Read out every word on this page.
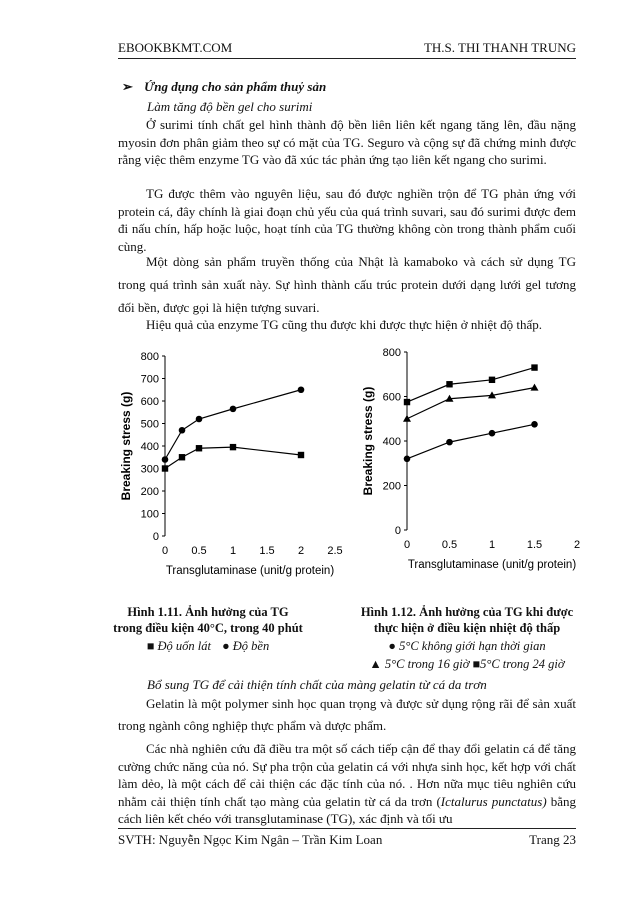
EBOOKBKMT.COM	TH.S. THI THANH TRUNG
➢ Ứng dụng cho sản phẩm thuỷ sản
Làm tăng độ bền gel cho surimi
Ở surimi tính chất gel hình thành độ bền liên liên kết ngang tăng lên, đầu nặng myosin đơn phân giảm theo sự có mặt của TG. Seguro và cộng sự đã chứng minh được rằng việc thêm enzyme TG vào đã xúc tác phản ứng tạo liên kết ngang cho surimi.
TG được thêm vào nguyên liệu, sau đó được nghiền trộn để TG phản ứng với protein cá, đây chính là giai đoạn chủ yếu của quá trình suvari, sau đó surimi được đem đi nấu chín, hấp hoặc luộc, hoạt tính của TG thường không còn trong thành phẩm cuối cùng.
Một dòng sản phẩm truyền thống của Nhật là kamaboko và cách sử dụng TG trong quá trình sản xuất này. Sự hình thành cấu trúc protein dưới dạng lưới gel tương đối bền, được gọi là hiện tượng suvari.
Hiệu quả của enzyme TG cũng thu được khi được thực hiện ở nhiệt độ thấp.
0
100
200
300
400
500
600
700
800
0 0.5 1 1.5 2 2.5
Transglutaminase (unit/g protein)
Breaking stress (g)
0
200
400
600
800
0	0.5	1	1.5	2
Transglutaminase (unit/g protein)
Breaking stress (g)
Hình 1.11. Ảnh hưởng của TG
trong điều kiện 40°C, trong 40 phút
■ Độ uốn lát ● Độ bền
Hình 1.12. Ảnh hưởng của TG khi được
thực hiện ở điều kiện nhiệt độ thấp
● 5°C không giới hạn thời gian
▲ 5°C trong 16 giờ ■5°C trong 24 giờ
Bổ sung TG để cải thiện tính chất của màng gelatin từ cá da trơn
Gelatin là một polymer sinh học quan trọng và được sử dụng rộng rãi để sản xuất trong ngành công nghiệp thực phẩm và dược phẩm.
Các nhà nghiên cứu đã điều tra một số cách tiếp cận để thay đổi gelatin cá để tăng cường chức năng của nó. Sự pha trộn của gelatin cá với nhựa sinh học, kết hợp với chất làm dẻo, là một cách để cải thiện các đặc tính của nó. . Hơn nữa mục tiêu nghiên cứu nhằm cải thiện tính chất tạo màng của gelatin từ cá da trơn (Ictalurus punctatus) bằng cách liên kết chéo với transglutaminase (TG), xác định và tối ưu
SVTH: Nguyễn Ngọc Kim Ngân – Trần Kim Loan	Trang 23
